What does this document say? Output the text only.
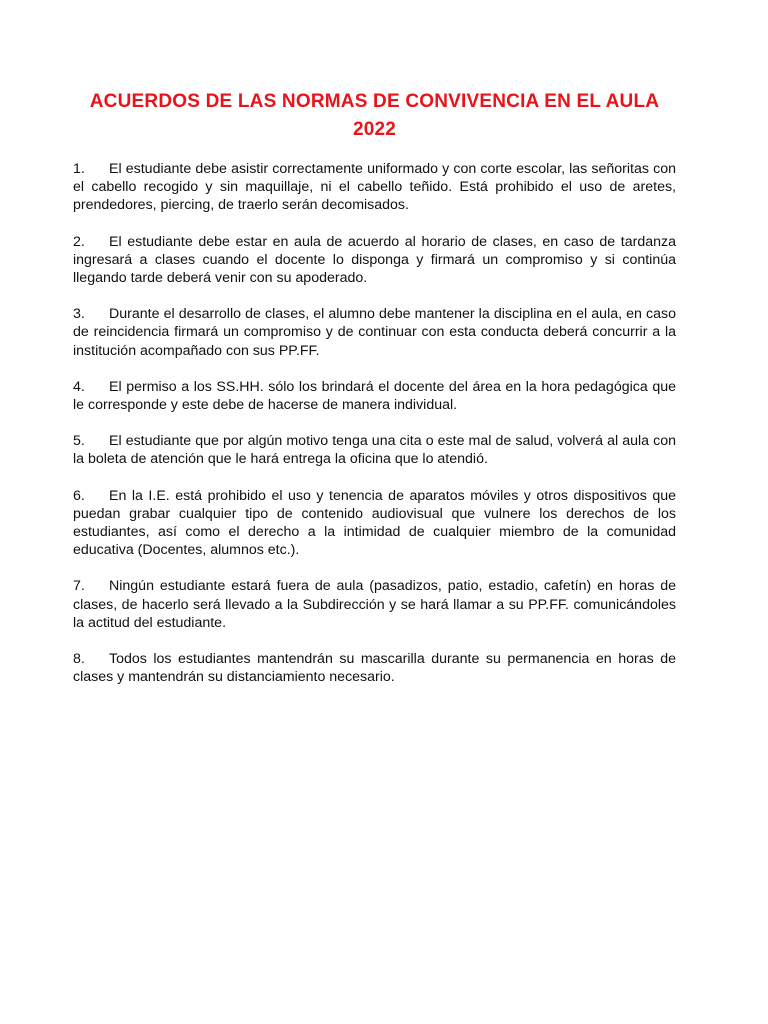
ACUERDOS DE LAS NORMAS DE CONVIVENCIA EN EL AULA 2022
1. El estudiante debe asistir correctamente uniformado y con corte escolar, las señoritas con el cabello recogido y sin maquillaje, ni el cabello teñido. Está prohibido el uso de aretes, prendedores, piercing, de traerlo serán decomisados.
2. El estudiante debe estar en aula de acuerdo al horario de clases, en caso de tardanza ingresará a clases cuando el docente lo disponga y firmará un compromiso y si continúa llegando tarde deberá venir con su apoderado.
3. Durante el desarrollo de clases, el alumno debe mantener la disciplina en el aula, en caso de reincidencia firmará un compromiso y de continuar con esta conducta deberá concurrir a la institución acompañado con sus PP.FF.
4. El permiso a los SS.HH. sólo los brindará el docente del área en la hora pedagógica que le corresponde y este debe de hacerse de manera individual.
5. El estudiante que por algún motivo tenga una cita o este mal de salud, volverá al aula con la boleta de atención que le hará entrega la oficina que lo atendió.
6. En la I.E. está prohibido el uso y tenencia de aparatos móviles y otros dispositivos que puedan grabar cualquier tipo de contenido audiovisual que vulnere los derechos de los estudiantes, así como el derecho a la intimidad de cualquier miembro de la comunidad educativa (Docentes, alumnos etc.).
7. Ningún estudiante estará fuera de aula (pasadizos, patio, estadio, cafetín) en horas de clases, de hacerlo será llevado a la Subdirección y se hará llamar a su PP.FF. comunicándoles la actitud del estudiante.
8. Todos los estudiantes mantendrán su mascarilla durante su permanencia en horas de clases y mantendrán su distanciamiento necesario.
